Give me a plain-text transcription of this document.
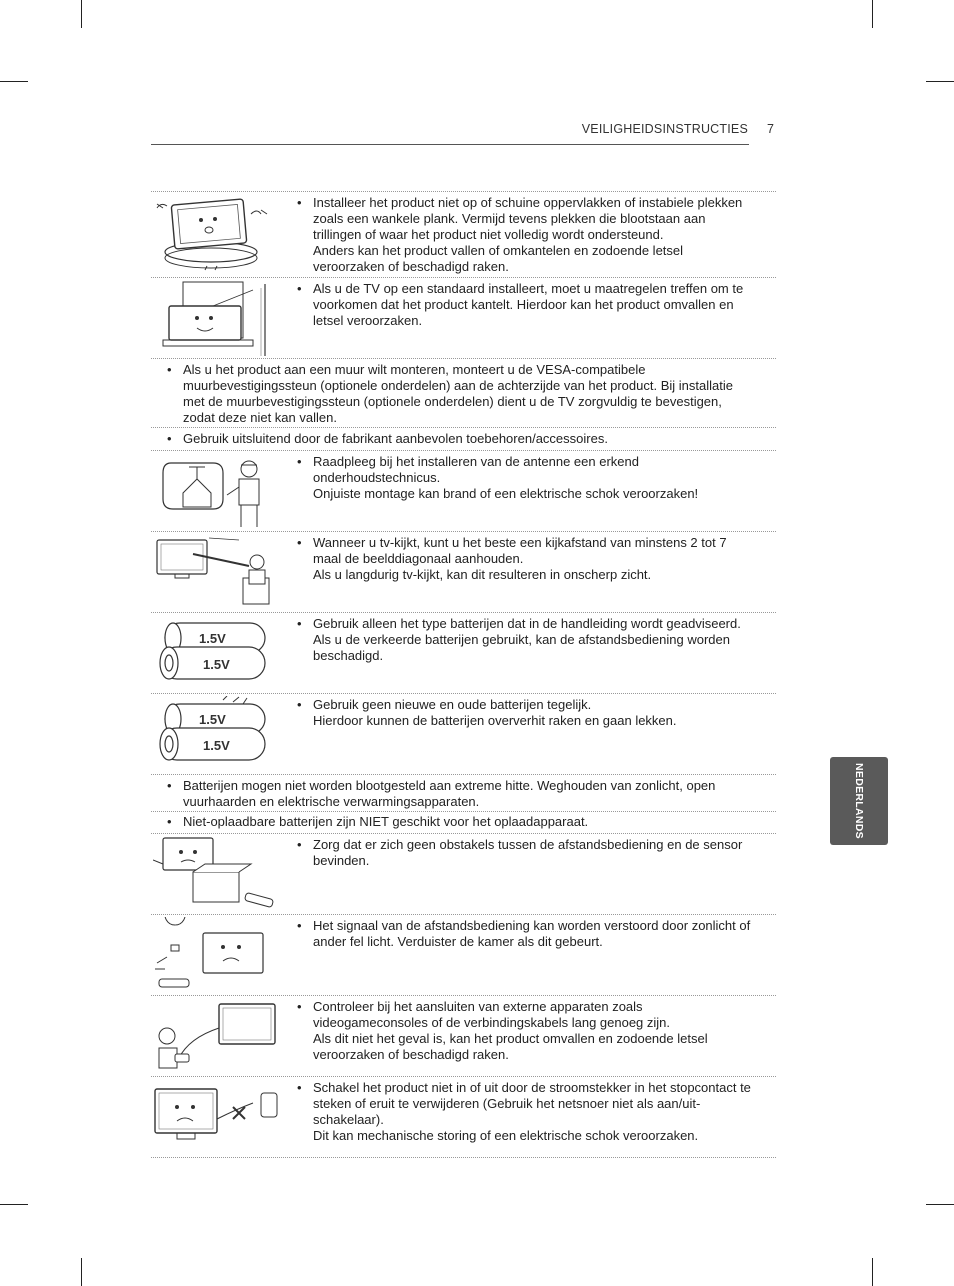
VEILIGHEIDSINSTRUCTIES 7
NEDERLANDS
• Installeer het product niet op of schuine oppervlakken of instabiele plekken zoals een wankele plank. Vermijd tevens plekken die blootstaan aan trillingen of waar het product niet volledig wordt ondersteund.
Anders kan het product vallen of omkantelen en zodoende letsel veroorzaken of beschadigd raken.
• Als u de TV op een standaard installeert, moet u maatregelen treffen om te voorkomen dat het product kantelt. Hierdoor kan het product omvallen en letsel veroorzaken.
• Als u het product aan een muur wilt monteren, monteert u de VESA-compatibele muurbevestigingssteun (optionele onderdelen) aan de achterzijde van het product. Bij installatie met de muurbevestigingssteun (optionele onderdelen) dient u de TV zorgvuldig te bevestigen, zodat deze niet kan vallen.
• Gebruik uitsluitend door de fabrikant aanbevolen toebehoren/accessoires.
• Raadpleeg bij het installeren van de antenne een erkend onderhoudstechnicus.
Onjuiste montage kan brand of een elektrische schok veroorzaken!
• Wanneer u tv-kijkt, kunt u het beste een kijkafstand van minstens 2 tot 7 maal de beelddiagonaal aanhouden.
Als u langdurig tv-kijkt, kan dit resulteren in onscherp zicht.
1.5V
1.5V
• Gebruik alleen het type batterijen dat in de handleiding wordt geadviseerd. Als u de verkeerde batterijen gebruikt, kan de afstandsbediening worden beschadigd.
1.5V
1.5V
• Gebruik geen nieuwe en oude batterijen tegelijk.
Hierdoor kunnen de batterijen oververhit raken en gaan lekken.
• Batterijen mogen niet worden blootgesteld aan extreme hitte. Weghouden van zonlicht, open vuurhaarden en elektrische verwarmingsapparaten.
• Niet-oplaadbare batterijen zijn NIET geschikt voor het oplaadapparaat.
• Zorg dat er zich geen obstakels tussen de afstandsbediening en de sensor bevinden.
• Het signaal van de afstandsbediening kan worden verstoord door zonlicht of ander fel licht. Verduister de kamer als dit gebeurt.
• Controleer bij het aansluiten van externe apparaten zoals videogameconsoles of de verbindingskabels lang genoeg zijn.
Als dit niet het geval is, kan het product omvallen en zodoende letsel veroorzaken of beschadigd raken.
• Schakel het product niet in of uit door de stroomstekker in het stopcontact te steken of eruit te verwijderen (Gebruik het netsnoer niet als aan/uit-schakelaar).
Dit kan mechanische storing of een elektrische schok veroorzaken.
